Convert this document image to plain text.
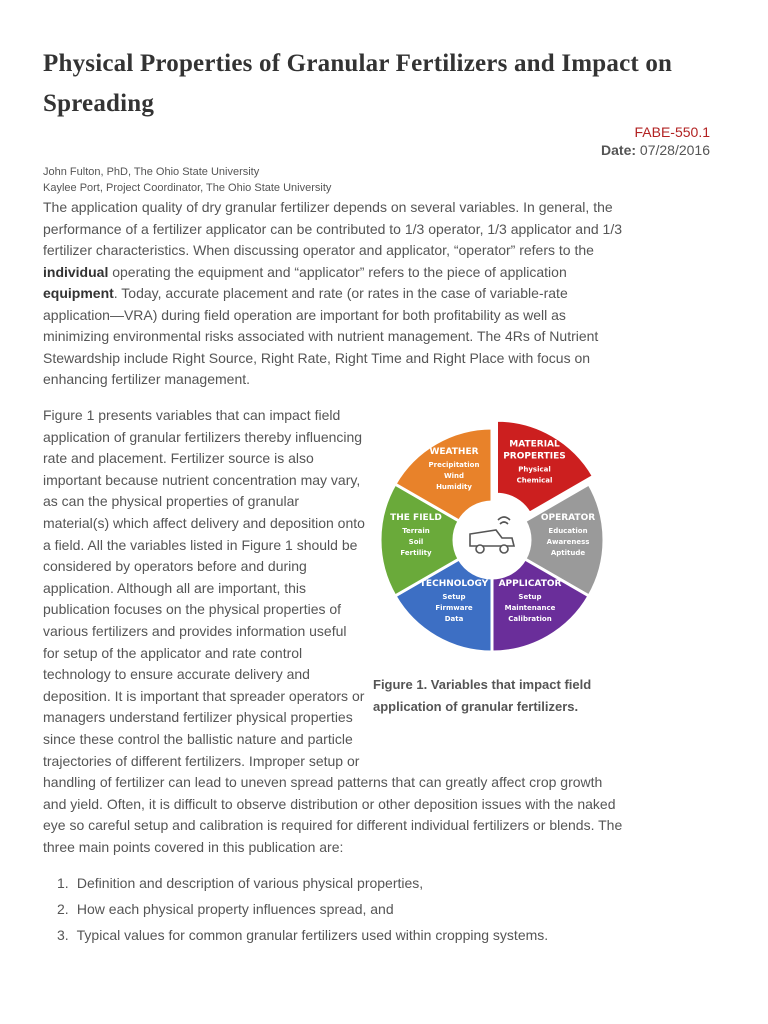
Physical Properties of Granular Fertilizers and Impact on Spreading
FABE-550.1
Date: 07/28/2016
John Fulton, PhD, The Ohio State University
Kaylee Port, Project Coordinator, The Ohio State University

The application quality of dry granular fertilizer depends on several variables. In general, the performance of a fertilizer applicator can be contributed to 1/3 operator, 1/3 applicator and 1/3 fertilizer characteristics. When discussing operator and applicator, “operator” refers to the individual operating the equipment and “applicator” refers to the piece of application equipment. Today, accurate placement and rate (or rates in the case of variable-rate application—VRA) during field operation are important for both profitability as well as minimizing environmental risks associated with nutrient management. The 4Rs of Nutrient Stewardship include Right Source, Right Rate, Right Time and Right Place with focus on enhancing fertilizer management.

Figure 1 presents variables that can impact field application of granular fertilizers thereby influencing rate and placement. Fertilizer source is also important because nutrient concentration may vary, as can the physical properties of granular material(s) which affect delivery and deposition onto a field. All the variables listed in Figure 1 should be considered by operators before and during application. Although all are important, this publication focuses on the physical properties of various fertilizers and provides information useful for setup of the applicator and rate control technology to ensure accurate delivery and deposition. It is important that spreader operators or managers understand fertilizer physical properties since these control the ballistic nature and particle trajectories of different fertilizers. Improper setup or handling of fertilizer can lead to uneven spread patterns that can greatly affect crop growth and yield. Often, it is difficult to observe distribution or other deposition issues with the naked eye so careful setup and calibration is required for different individual fertilizers or blends. The three main points covered in this publication are:

MATERIAL
PROPERTIES
Physical
Chemical
OPERATOR
Education
Awareness
Aptitude
APPLICATOR
Setup
Maintenance
Calibration
TECHNOLOGY
Setup
Firmware
Data
THE FIELD
Terrain
Soil
Fertility
WEATHER
Precipitation
Wind
Humidity

Figure 1. Variables that impact field application of granular fertilizers.

1. Definition and description of various physical properties,
2. How each physical property influences spread, and
3. Typical values for common granular fertilizers used within cropping systems.
